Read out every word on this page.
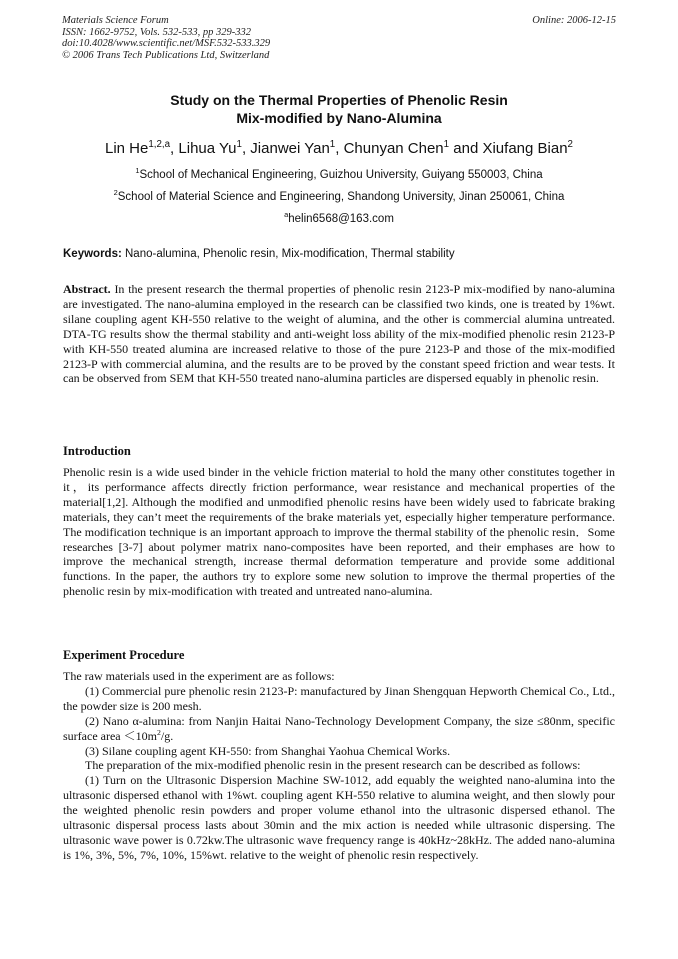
Materials Science Forum
ISSN: 1662-9752, Vols. 532-533, pp 329-332
doi:10.4028/www.scientific.net/MSF.532-533.329
© 2006 Trans Tech Publications Ltd, Switzerland
Online: 2006-12-15
Study on the Thermal Properties of Phenolic Resin
Mix-modified by Nano-Alumina
Lin He$^{1,2,a}$, Lihua Yu$^1$, Jianwei Yan$^1$, Chunyan Chen$^1$ and Xiufang Bian$^2$
$^1$School of Mechanical Engineering, Guizhou University, Guiyang 550003, China
$^2$School of Material Science and Engineering, Shandong University, Jinan 250061, China
$^a$helin6568@163.com
Keywords: Nano-alumina, Phenolic resin, Mix-modification, Thermal stability

Abstract. In the present research the thermal properties of phenolic resin 2123-P mix-modified by nano-alumina are investigated. The nano-alumina employed in the research can be classified two kinds, one is treated by 1%wt. silane coupling agent KH-550 relative to the weight of alumina, and the other is commercial alumina untreated. DTA-TG results show the thermal stability and anti-weight loss ability of the mix-modified phenolic resin 2123-P with KH-550 treated alumina are increased relative to those of the pure 2123-P and those of the mix-modified 2123-P with commercial alumina, and the results are to be proved by the constant speed friction and wear tests. It can be observed from SEM that KH-550 treated nano-alumina particles are dispersed equably in phenolic resin.

Introduction

Phenolic resin is a wide used binder in the vehicle friction material to hold the many other constitutes together in it，its performance affects directly friction performance, wear resistance and mechanical properties of the material[1,2]. Although the modified and unmodified phenolic resins have been widely used to fabricate braking materials, they can’t meet the requirements of the brake materials yet, especially higher temperature performance. The modification technique is an important approach to improve the thermal stability of the phenolic resin．Some researches [3-7] about polymer matrix nano-composites have been reported, and their emphases are how to improve the mechanical strength, increase thermal deformation temperature and provide some additional functions. In the paper, the authors try to explore some new solution to improve the thermal properties of the phenolic resin by mix-modification with treated and untreated nano-alumina.

Experiment Procedure

The raw materials used in the experiment are as follows:

(1) Commercial pure phenolic resin 2123-P: manufactured by Jinan Shengquan Hepworth Chemical Co., Ltd., the powder size is 200 mesh.

(2) Nano α-alumina: from Nanjin Haitai Nano-Technology Development Company, the size ≤80nm, specific surface area $<10m^2/g$.

(3) Silane coupling agent KH-550: from Shanghai Yaohua Chemical Works.

The preparation of the mix-modified phenolic resin in the present research can be described as follows:

(1) Turn on the Ultrasonic Dispersion Machine SW-1012, add equably the weighted nano-alumina into the ultrasonic dispersed ethanol with 1%wt. coupling agent KH-550 relative to alumina weight, and then slowly pour the weighted phenolic resin powders and proper volume ethanol into the ultrasonic dispersed ethanol. The ultrasonic dispersal process lasts about 30min and the mix action is needed while ultrasonic dispersing. The ultrasonic wave power is 0.72kw.The ultrasonic wave frequency range is 40kHz~28kHz. The added nano-alumina is 1%, 3%, 5%, 7%, 10%, 15%wt. relative to the weight of phenolic resin respectively.
